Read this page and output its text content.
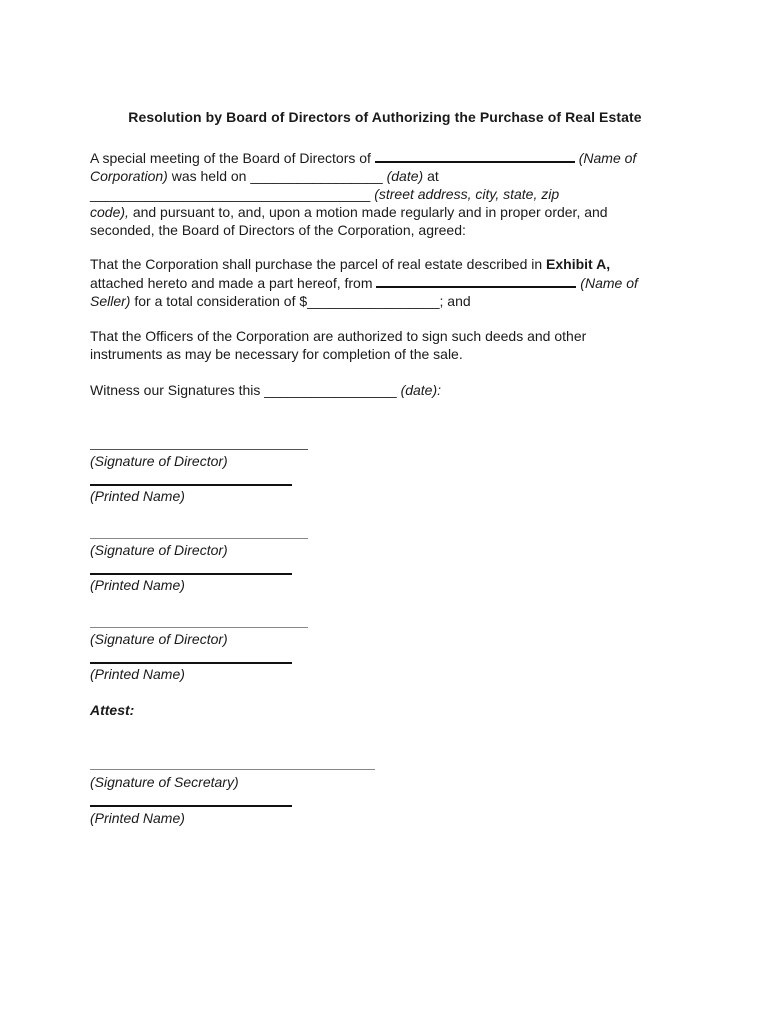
Resolution by Board of Directors of Authorizing the Purchase of Real Estate
A special meeting of the Board of Directors of	(Name of
Corporation) was held on _________________ (date) at
____________________________________ (street address, city, state, zip
code), and pursuant to, and, upon a motion made regularly and in proper order, and
seconded, the Board of Directors of the Corporation, agreed:
That the Corporation shall purchase the parcel of real estate described in Exhibit A,
attached hereto and made a part hereof, from	(Name of
Seller) for a total consideration of $_________________; and
That the Officers of the Corporation are authorized to sign such deeds and other
instruments as may be necessary for completion of the sale.
Witness our Signatures this _________________ (date):
(Signature of Director)
(Printed Name)
(Signature of Director)
(Printed Name)
(Signature of Director)
(Printed Name)
Attest:
(Signature of Secretary)
(Printed Name)
